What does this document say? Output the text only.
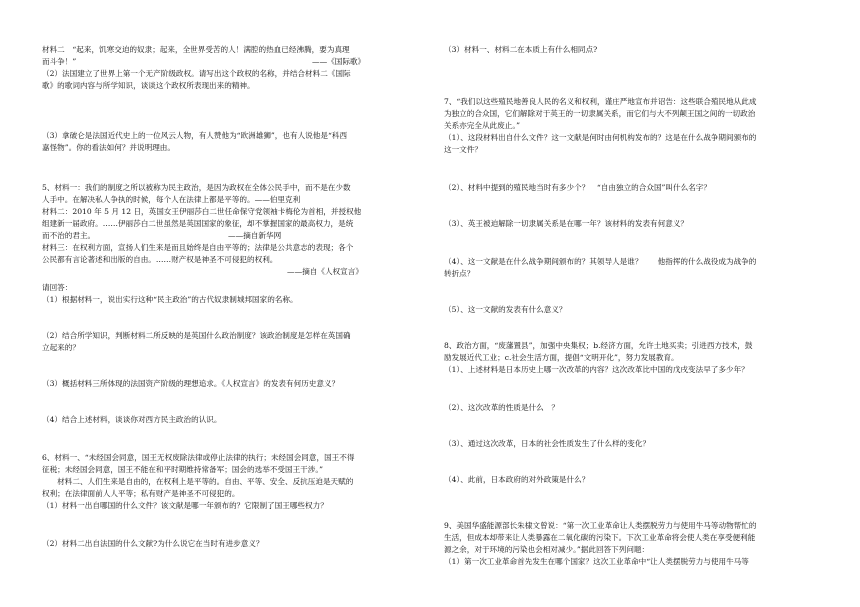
材料二　“起来，饥寒交迫的奴隶；起来，全世界受苦的人！满腔的热血已经沸腾，要为真理
而斗争！”	——《国际歌》
（2）法国建立了世界上第一个无产阶级政权。请写出这个政权的名称，并结合材料二《国际
歌》的歌词内容与所学知识，谈谈这个政权所表现出来的精神。
（3）拿破仑是法国近代史上的一位风云人物，有人赞他为“欧洲雄狮”，也有人说他是“科西
嘉怪物”。你的看法如何？并说明理由。
5、材料一：我们的制度之所以被称为民主政治，是因为政权在全体公民手中，而不是在少数
人手中。在解决私人争执的时候，每个人在法律上都是平等的。——伯里克利
材料二：2010 年 5 月 12 日，英国女王伊丽莎白二世任命保守党领袖卡梅伦为首相，并授权他
组建新一届政府。……伊丽莎白二世虽然是英国国家的象征，却不掌握国家的最高权力，是统
而不治的君主。　　　　　　　　　　　　　　　　　　——摘自新华网
材料三：在权利方面，宣扬人们生来是而且始终是自由平等的；法律是公共意志的表现；各个
公民都有言论著述和出版的自由。……财产权是神圣不可侵犯的权利。
——摘自《人权宣言》
请回答：
（1）根据材料一，说出实行这种“民主政治”的古代奴隶制城邦国家的名称。
（2）结合所学知识，判断材料二所反映的是英国什么政治制度？该政治制度是怎样在英国确
立起来的？
（3）概括材料三所体现的法国资产阶级的理想追求。《人权宣言》的发表有何历史意义？
（4）结合上述材料，谈谈你对西方民主政治的认识。
6、材料一、“未经国会同意，国王无权废除法律或停止法律的执行；未经国会同意，国王不得
征税；未经国会同意，国王不能在和平时期维持常备军；国会的选举不受国王干涉。”
　　材料二、人们生来是自由的，在权利上是平等的。自由、平等、安全、反抗压迫是天赋的
权利；在法律面前人人平等；私有财产是神圣不可侵犯的。
（1）材料一出自哪国的什么文件？该文献是哪一年颁布的？它限制了国王哪些权力？
（2）材料二出自法国的什么文献?为什么说它在当时有进步意义？
（3）材料一、材料二在本质上有什么相同点?
7、“我们以这些殖民地善良人民的名义和权利，谨庄严地宣布并诏告：这些联合殖民地从此成
为独立的合众国，它们解除对于英王的一切隶属关系，而它们与大不列颠王国之间的一切政治
关系亦完全从此废止。”
（1）、这段材料出自什么文件？这一文献是何时由何机构发布的？这是在什么战争期间颁布的
这一文件？
（2）、材料中提到的殖民地当时有多少个？　“自由独立的合众国”叫什么名字？
（3）、英王被迫解除一切隶属关系是在哪一年？该材料的发表有何意义？
（4）、这一文献是在什么战争期间颁布的？其领导人是谁？　　他指挥的什么战役成为战争的
转折点？
（5）、这一文献的发表有什么意义？
8、政治方面，“废藩置县”，加强中央集权；b.经济方面，允许土地买卖；引进西方技术，鼓
励发展近代工业；c.社会生活方面，提倡“文明开化”，努力发展教育。
（1）、上述材料是日本历史上哪一次改革的内容？这次改革比中国的戊戌变法早了多少年？
（2）、这次改革的性质是什么　？
（3）、通过这次改革，日本的社会性质发生了什么样的变化？
（4）、此前，日本政府的对外政策是什么？
9、美国华盛能源部长朱棣文曾说：“第一次工业革命让人类摆脱劳力与使用牛马等动物帮忙的
生活，但成本却带来让人类暴露在二氧化碳的污染下。下次工业革命将会使人类在享受便利能
源之余，对于环境的污染也会相对减少。”据此回答下列问题：
（1）第一次工业革命首先发生在哪个国家？这次工业革命中“让人类摆脱劳力与使用牛马等
